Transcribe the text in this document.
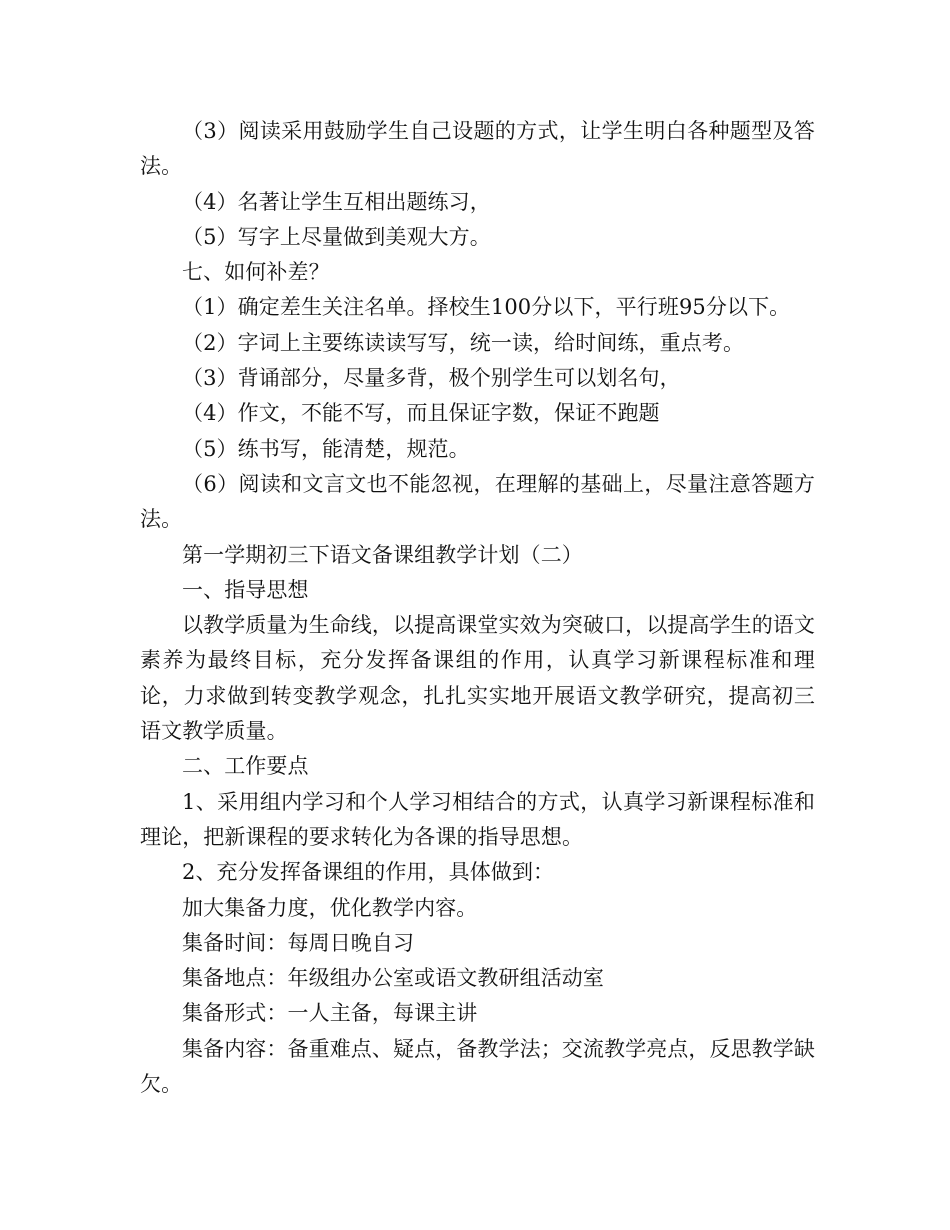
（3）阅读采用鼓励学生自己设题的方式，让学生明白各种题型及答法。

（4）名著让学生互相出题练习，

（5）写字上尽量做到美观大方。

七、如何补差？

（1）确定差生关注名单。择校生100分以下，平行班95分以下。

（2）字词上主要练读读写写，统一读，给时间练，重点考。

（3）背诵部分，尽量多背，极个别学生可以划名句，

（4）作文，不能不写，而且保证字数，保证不跑题

（5）练书写，能清楚，规范。

（6）阅读和文言文也不能忽视，在理解的基础上，尽量注意答题方法。

第一学期初三下语文备课组教学计划（二）

一、指导思想

以教学质量为生命线，以提高课堂实效为突破口，以提高学生的语文素养为最终目标，充分发挥备课组的作用，认真学习新课程标准和理论，力求做到转变教学观念，扎扎实实地开展语文教学研究，提高初三语文教学质量。

二、工作要点

1、采用组内学习和个人学习相结合的方式，认真学习新课程标准和理论，把新课程的要求转化为各课的指导思想。

2、充分发挥备课组的作用，具体做到：

加大集备力度，优化教学内容。

集备时间：每周日晚自习

集备地点：年级组办公室或语文教研组活动室

集备形式：一人主备，每课主讲

集备内容：备重难点、疑点，备教学法；交流教学亮点，反思教学缺欠。
